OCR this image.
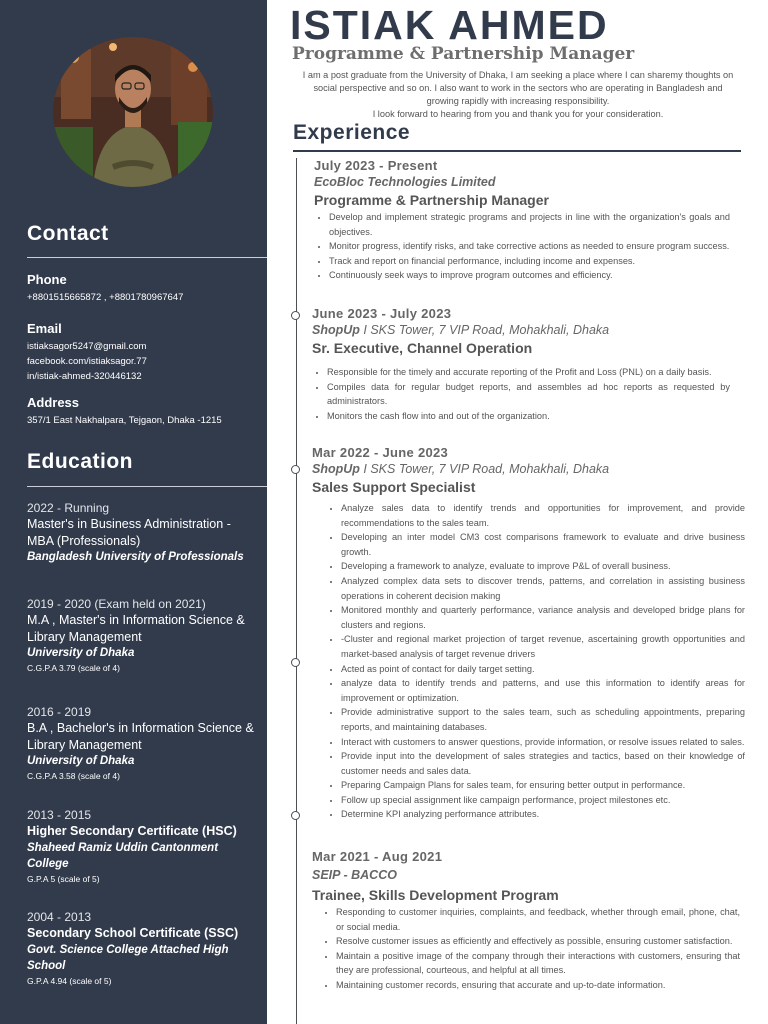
Contact
Phone
+8801515665872 , +8801780967647
Email
istiaksagor5247@gmail.com
facebook.com/istiaksagor.77
in/istiak-ahmed-320446132
Address
357/1 East Nakhalpara, Tejgaon, Dhaka -1215
Education
2022 - Running
Master's in Business Administration - MBA (Professionals)
Bangladesh University of Professionals
2019 - 2020 (Exam held on 2021)
M.A , Master's in Information Science & Library Management
University of Dhaka
C.G.P.A 3.79 (scale of 4)
2016 - 2019
B.A , Bachelor's in Information Science & Library Management
University of Dhaka
C.G.P.A 3.58 (scale of 4)
2013 - 2015
Higher Secondary Certificate (HSC)
Shaheed Ramiz Uddin Cantonment College
G.P.A 5 (scale of 5)
2004 - 2013
Secondary School Certificate (SSC)
Govt. Science College Attached High School
G.P.A 4.94 (scale of 5)
ISTIAK AHMED
Programme & Partnership Manager

I am a post graduate from the University of Dhaka, I am seeking a place where I can sharemy thoughts on social perspective and so on. I also want to work in the sectors who are operating in Bangladesh and growing rapidly with increasing responsibility.

I look forward to hearing from you and thank you for your consideration.

Experience
July 2023 - Present
EcoBloc Technologies Limited
Programme & Partnership Manager
• Develop and implement strategic programs and projects in line with the organization's goals and objectives.
• Monitor progress, identify risks, and take corrective actions as needed to ensure program success.
• Track and report on financial performance, including income and expenses.
• Continuously seek ways to improve program outcomes and efficiency.
June 2023 - July 2023
ShopUp I SKS Tower, 7 VIP Road, Mohakhali, Dhaka
Sr. Executive, Channel Operation
• Responsible for the timely and accurate reporting of the Profit and Loss (PNL) on a daily basis.
• Compiles data for regular budget reports, and assembles ad hoc reports as requested by administrators.
• Monitors the cash flow into and out of the organization.
Mar 2022 - June 2023
ShopUp I SKS Tower, 7 VIP Road, Mohakhali, Dhaka
Sales Support Specialist
• Analyze sales data to identify trends and opportunities for improvement, and provide recommendations to the sales team.
• Developing an inter model CM3 cost comparisons framework to evaluate and drive business growth.
• Developing a framework to analyze, evaluate to improve P&L of overall business.
• Analyzed complex data sets to discover trends, patterns, and correlation in assisting business operations in coherent decision making
• Monitored monthly and quarterly performance, variance analysis and developed bridge plans for clusters and regions.
• -Cluster and regional market projection of target revenue, ascertaining growth opportunities and market-based analysis of target revenue drivers
• Acted as point of contact for daily target setting.
• analyze data to identify trends and patterns, and use this information to identify areas for improvement or optimization.
• Provide administrative support to the sales team, such as scheduling appointments, preparing reports, and maintaining databases.
• Interact with customers to answer questions, provide information, or resolve issues related to sales.
• Provide input into the development of sales strategies and tactics, based on their knowledge of customer needs and sales data.
• Preparing Campaign Plans for sales team, for ensuring better output in performance.
• Follow up special assignment like campaign performance, project milestones etc.
• Determine KPI analyzing performance attributes.
Mar 2021 - Aug 2021
SEIP - BACCO
Trainee, Skills Development Program
• Responding to customer inquiries, complaints, and feedback, whether through email, phone, chat, or social media.
• Resolve customer issues as efficiently and effectively as possible, ensuring customer satisfaction.
• Maintain a positive image of the company through their interactions with customers, ensuring that they are professional, courteous, and helpful at all times.
• Maintaining customer records, ensuring that accurate and up-to-date information.
